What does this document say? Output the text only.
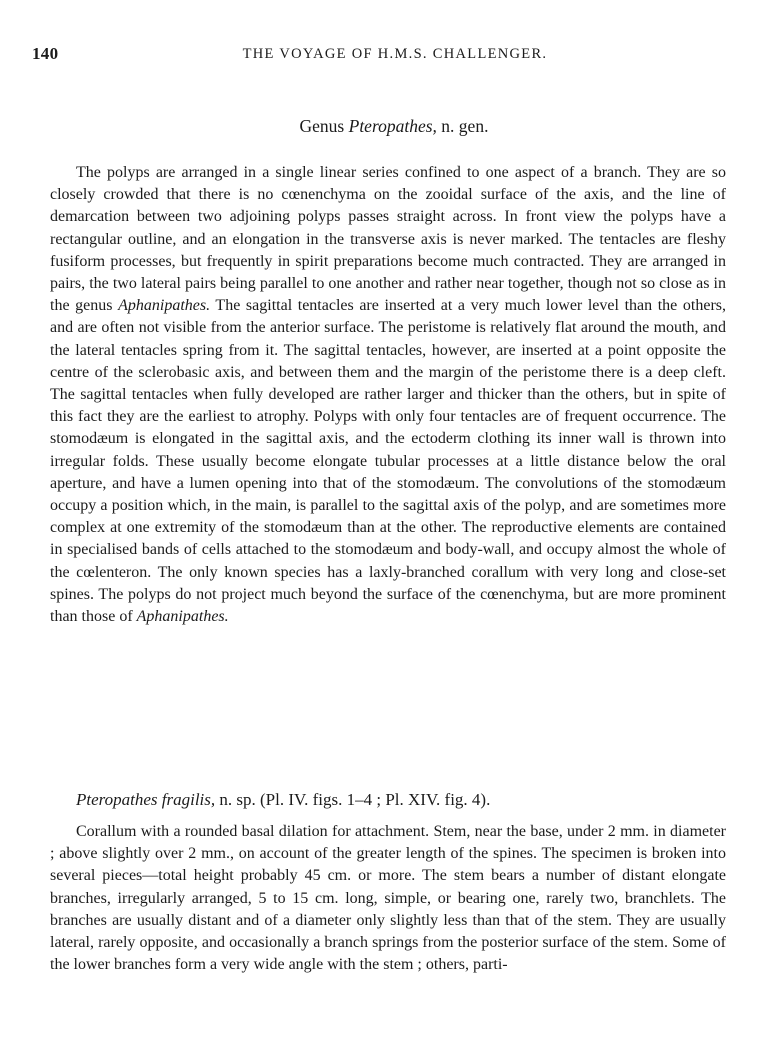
140	THE VOYAGE OF H.M.S. CHALLENGER.
Genus Pteropathes, n. gen.

The polyps are arranged in a single linear series confined to one aspect of a branch. They are so closely crowded that there is no cœnenchyma on the zooidal surface of the axis, and the line of demarcation between two adjoining polyps passes straight across. In front view the polyps have a rectangular outline, and an elongation in the transverse axis is never marked. The tentacles are fleshy fusiform processes, but frequently in spirit preparations become much contracted. They are arranged in pairs, the two lateral pairs being parallel to one another and rather near together, though not so close as in the genus Aphanipathes. The sagittal tentacles are inserted at a very much lower level than the others, and are often not visible from the anterior surface. The peristome is relatively flat around the mouth, and the lateral tentacles spring from it. The sagittal tentacles, however, are inserted at a point opposite the centre of the sclerobasic axis, and between them and the margin of the peristome there is a deep cleft. The sagittal tentacles when fully developed are rather larger and thicker than the others, but in spite of this fact they are the earliest to atrophy. Polyps with only four tentacles are of frequent occurrence. The stomodæum is elongated in the sagittal axis, and the ectoderm clothing its inner wall is thrown into irregular folds. These usually become elongate tubular processes at a little distance below the oral aperture, and have a lumen opening into that of the stomodæum. The convolutions of the stomodæum occupy a position which, in the main, is parallel to the sagittal axis of the polyp, and are sometimes more complex at one extremity of the stomodæum than at the other. The reproductive elements are contained in specialised bands of cells attached to the stomodæum and body-wall, and occupy almost the whole of the cœlenteron. The only known species has a laxly-branched corallum with very long and close-set spines. The polyps do not project much beyond the surface of the cœnenchyma, but are more prominent than those of Aphanipathes.

Pteropathes fragilis, n. sp. (Pl. IV. figs. 1–4 ; Pl. XIV. fig. 4).

Corallum with a rounded basal dilation for attachment. Stem, near the base, under 2 mm. in diameter ; above slightly over 2 mm., on account of the greater length of the spines. The specimen is broken into several pieces—total height probably 45 cm. or more. The stem bears a number of distant elongate branches, irregularly arranged, 5 to 15 cm. long, simple, or bearing one, rarely two, branchlets. The branches are usually distant and of a diameter only slightly less than that of the stem. They are usually lateral, rarely opposite, and occasionally a branch springs from the posterior surface of the stem. Some of the lower branches form a very wide angle with the stem ; others, parti-
